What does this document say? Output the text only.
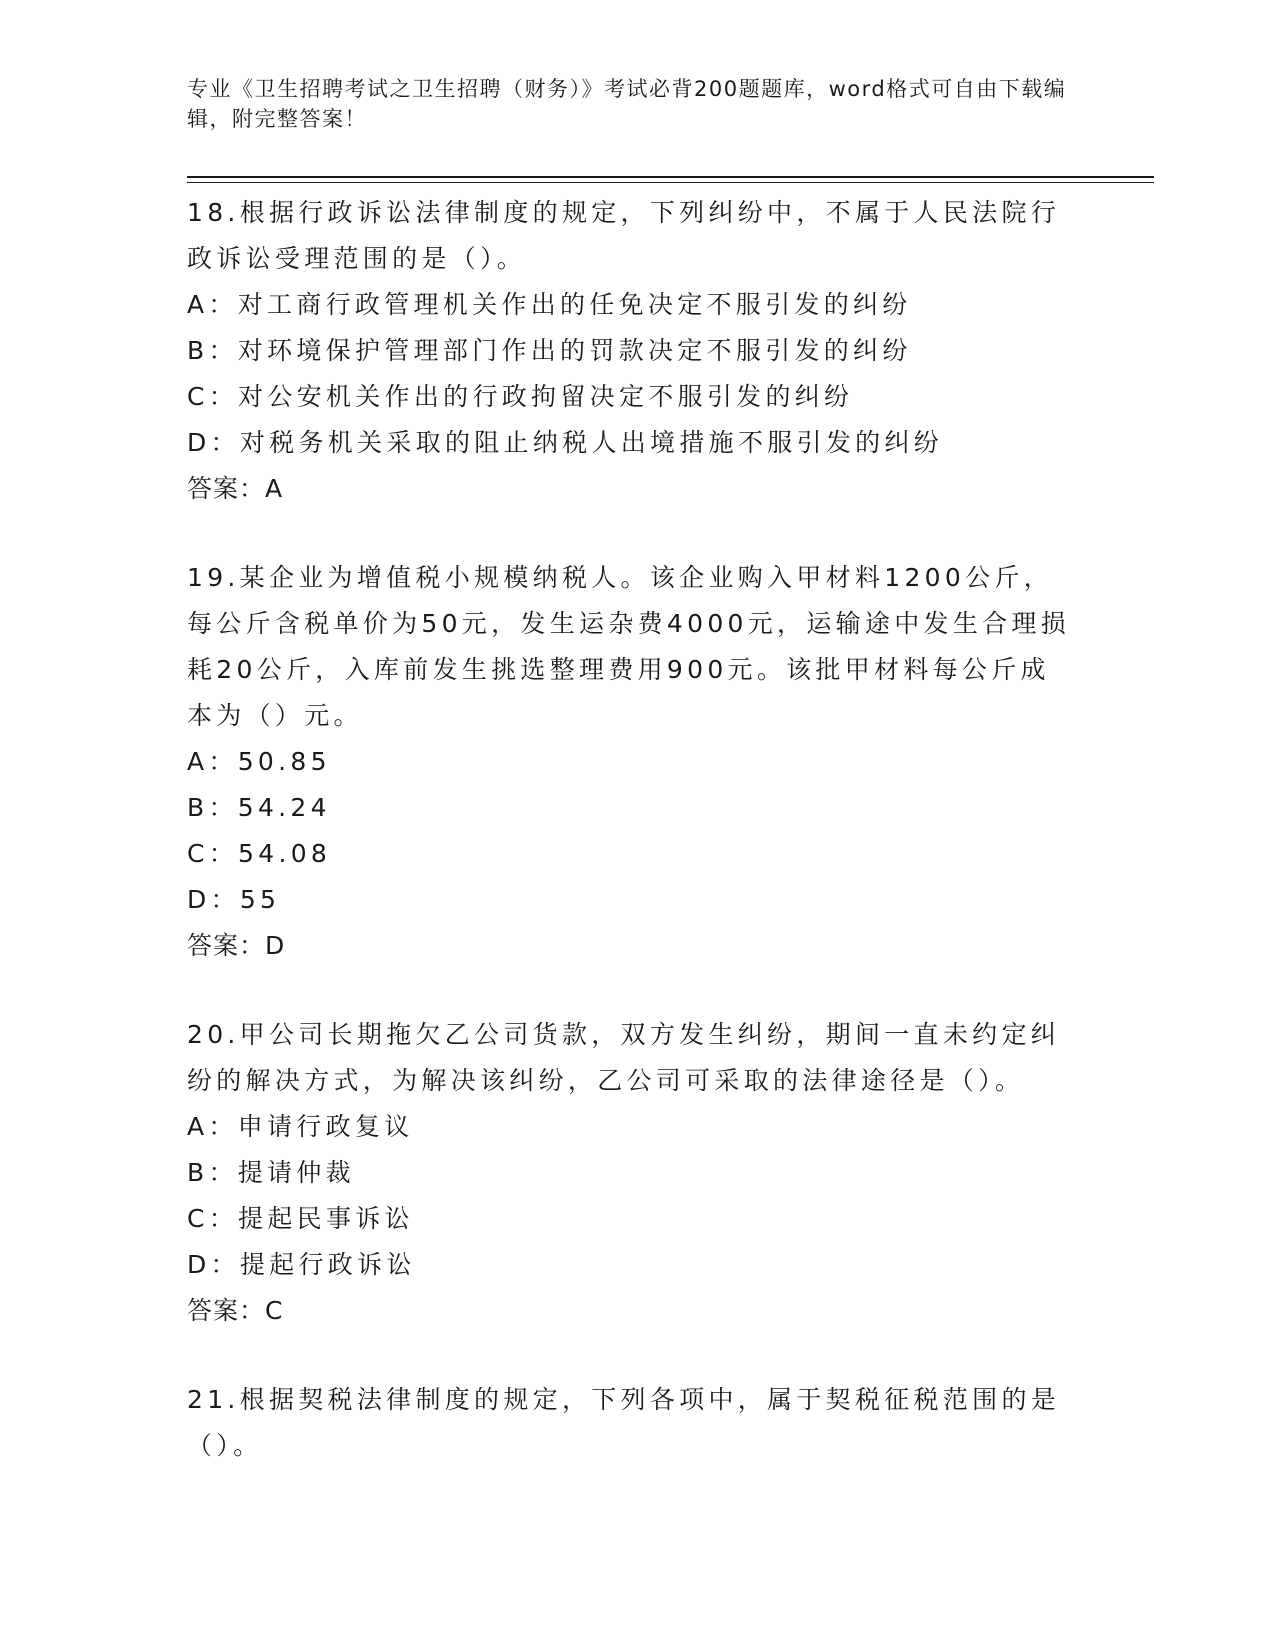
专业《卫生招聘考试之卫生招聘（财务）》考试必背200题题库，word格式可自由下载编辑，附完整答案！

18.根据行政诉讼法律制度的规定，下列纠纷中，不属于人民法院行政诉讼受理范围的是（）。

A：对工商行政管理机关作出的任免决定不服引发的纠纷

B：对环境保护管理部门作出的罚款决定不服引发的纠纷

C：对公安机关作出的行政拘留决定不服引发的纠纷

D：对税务机关采取的阻止纳税人出境措施不服引发的纠纷

答案：A

19.某企业为增值税小规模纳税人。该企业购入甲材料1200公斤，每公斤含税单价为50元，发生运杂费4000元，运输途中发生合理损耗20公斤，入库前发生挑选整理费用900元。该批甲材料每公斤成本为（）元。

A：50.85

B：54.24

C：54.08

D：55

答案：D

20.甲公司长期拖欠乙公司货款，双方发生纠纷，期间一直未约定纠纷的解决方式，为解决该纠纷，乙公司可采取的法律途径是（）。

A：申请行政复议

B：提请仲裁

C：提起民事诉讼

D：提起行政诉讼

答案：C

21.根据契税法律制度的规定，下列各项中，属于契税征税范围的是（）。
